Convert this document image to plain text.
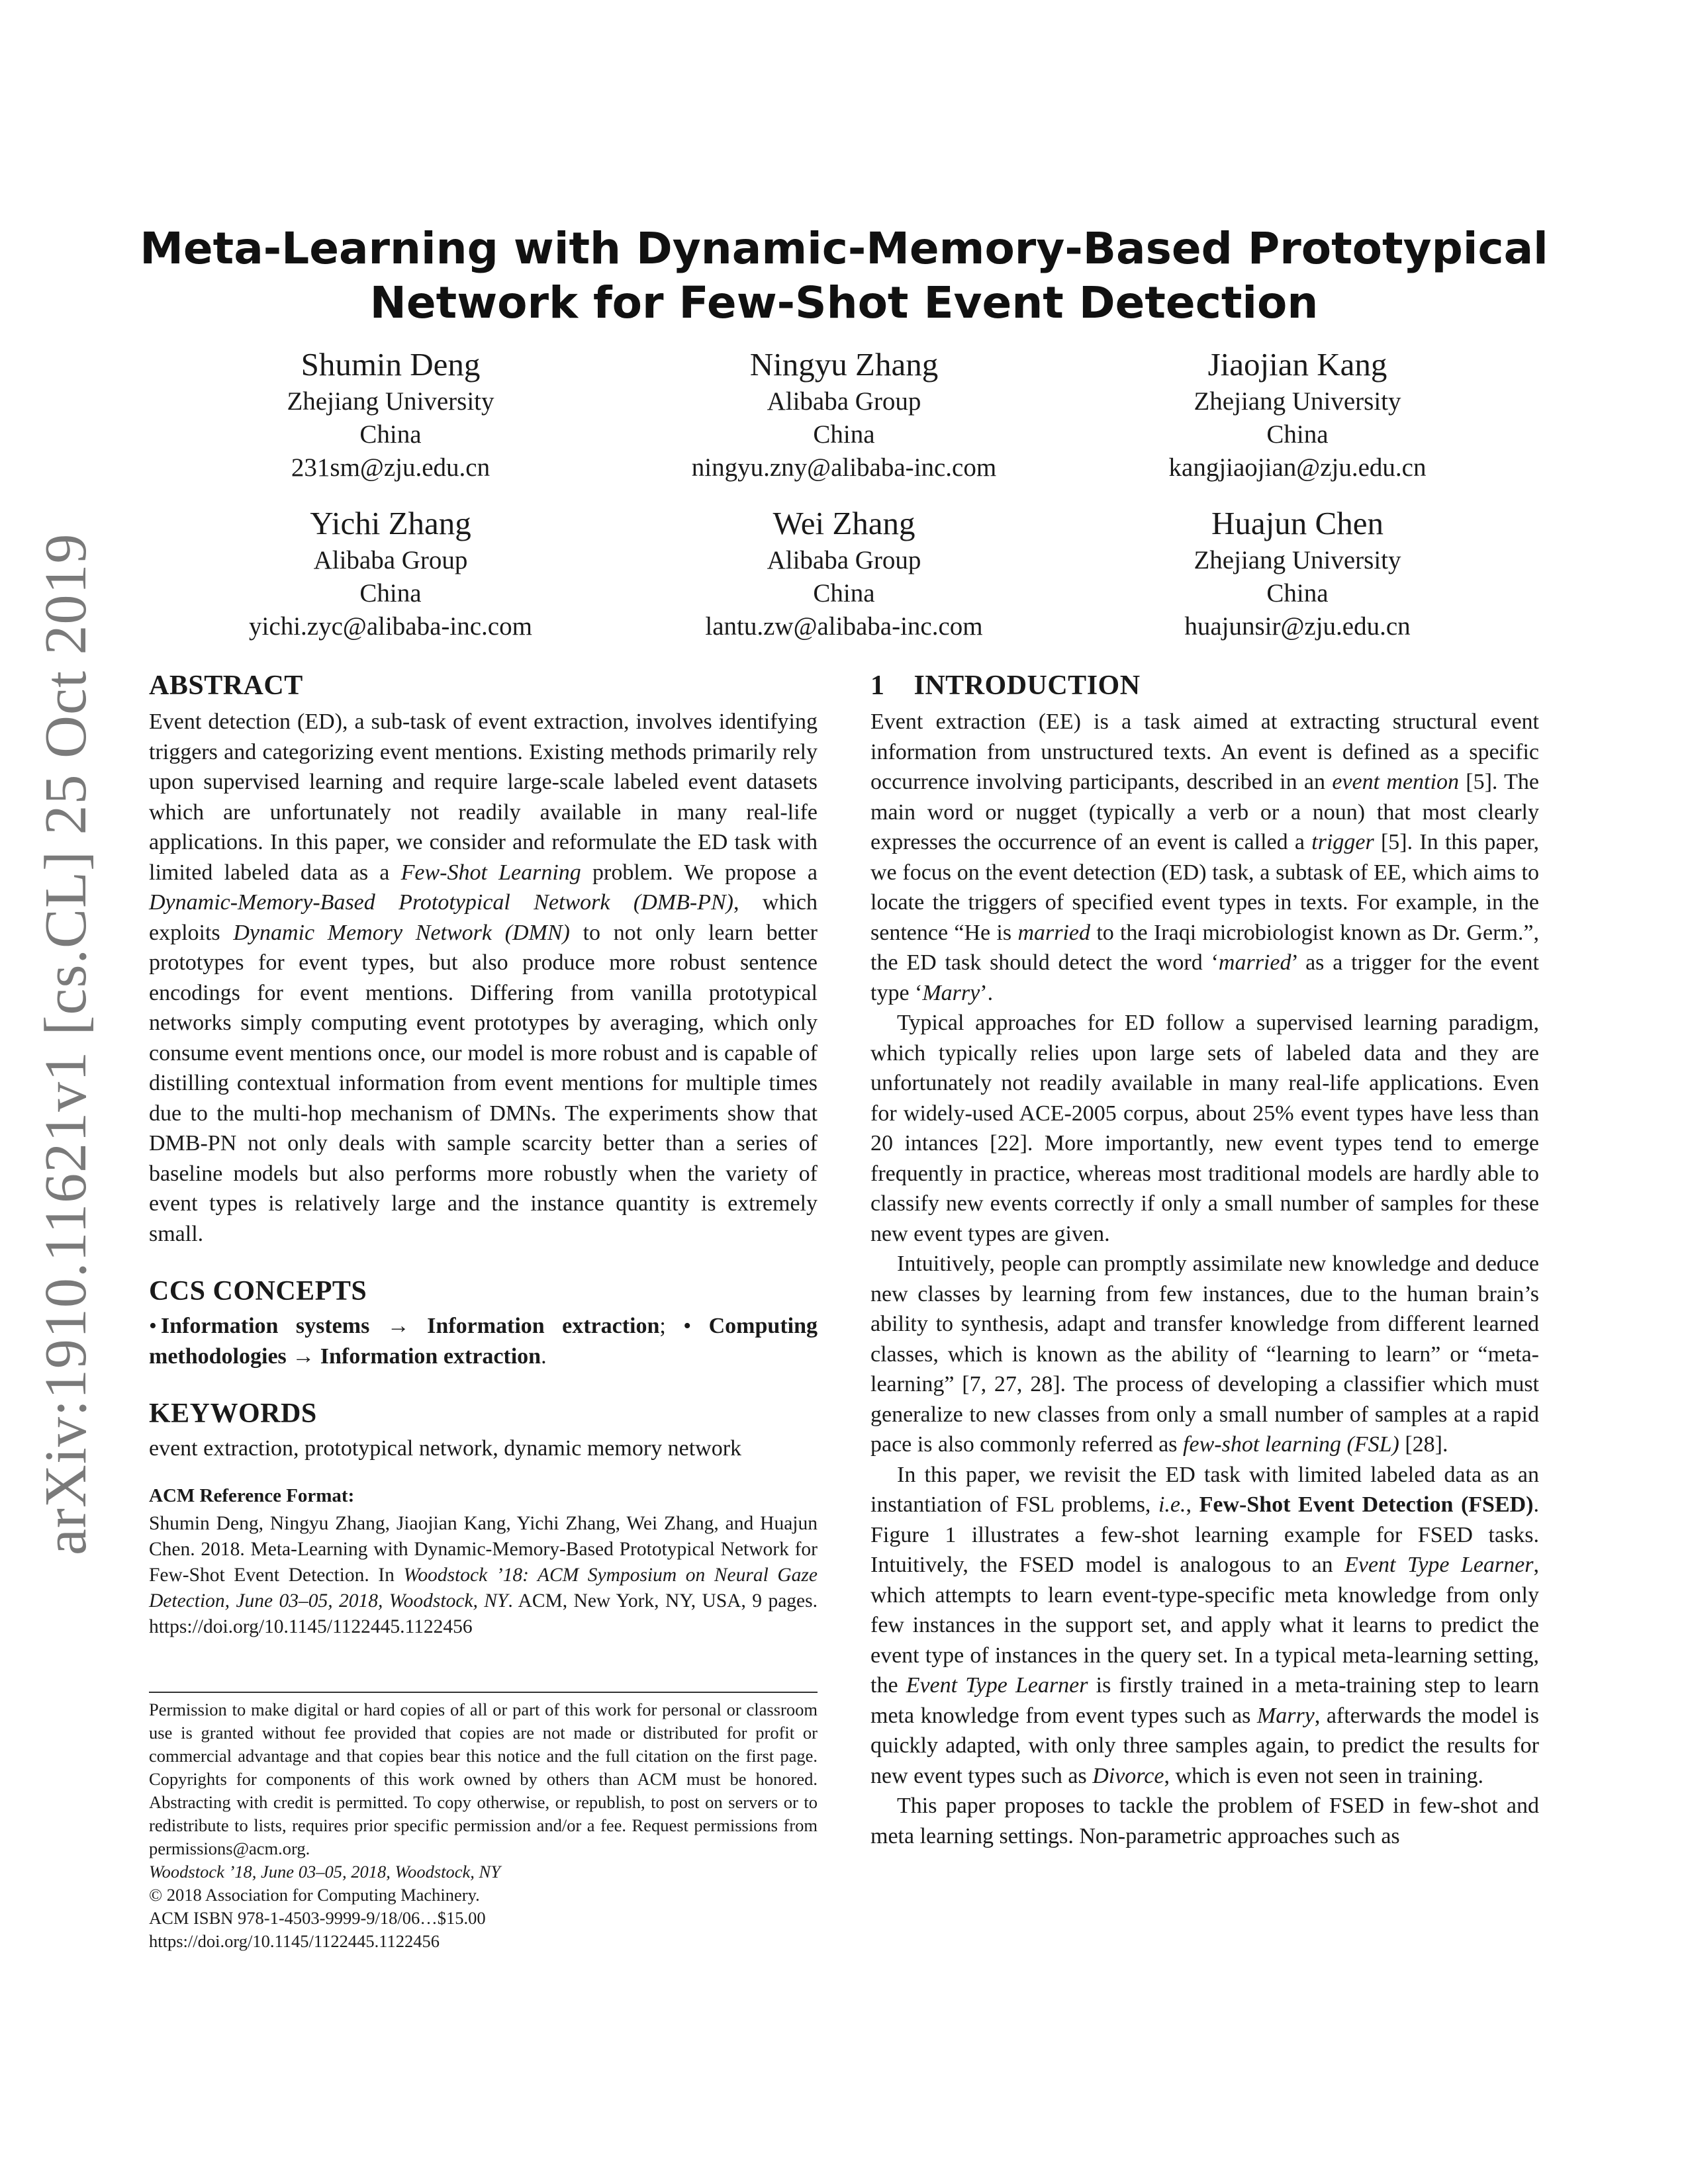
arXiv:1910.11621v1 [cs.CL] 25 Oct 2019
Meta-Learning with Dynamic-Memory-Based Prototypical
Network for Few-Shot Event Detection
Shumin Deng
Zhejiang University
China
231sm@zju.edu.cn
Ningyu Zhang
Alibaba Group
China
ningyu.zny@alibaba-inc.com
Jiaojian Kang
Zhejiang University
China
kangjiaojian@zju.edu.cn
Yichi Zhang
Alibaba Group
China
yichi.zyc@alibaba-inc.com
Wei Zhang
Alibaba Group
China
lantu.zw@alibaba-inc.com
Huajun Chen
Zhejiang University
China
huajunsir@zju.edu.cn
ABSTRACT

Event detection (ED), a sub-task of event extraction, involves identifying triggers and categorizing event mentions. Existing methods primarily rely upon supervised learning and require large-scale labeled event datasets which are unfortunately not readily available in many real-life applications. In this paper, we consider and reformulate the ED task with limited labeled data as a Few-Shot Learning problem. We propose a Dynamic-Memory-Based Prototypical Network (DMB-PN), which exploits Dynamic Memory Network (DMN) to not only learn better prototypes for event types, but also produce more robust sentence encodings for event mentions. Differing from vanilla prototypical networks simply computing event prototypes by averaging, which only consume event mentions once, our model is more robust and is capable of distilling contextual information from event mentions for multiple times due to the multi-hop mechanism of DMNs. The experiments show that DMB-PN not only deals with sample scarcity better than a series of baseline models but also performs more robustly when the variety of event types is relatively large and the instance quantity is extremely small.

CCS CONCEPTS

• Information systems → Information extraction; • Computing methodologies → Information extraction.

KEYWORDS

event extraction, prototypical network, dynamic memory network

ACM Reference Format:

Shumin Deng, Ningyu Zhang, Jiaojian Kang, Yichi Zhang, Wei Zhang, and Huajun Chen. 2018. Meta-Learning with Dynamic-Memory-Based Prototypical Network for Few-Shot Event Detection. In Woodstock ’18: ACM Symposium on Neural Gaze Detection, June 03–05, 2018, Woodstock, NY. ACM, New York, NY, USA, 9 pages. https://doi.org/10.1145/1122445.1122456

Permission to make digital or hard copies of all or part of this work for personal or classroom use is granted without fee provided that copies are not made or distributed for profit or commercial advantage and that copies bear this notice and the full citation on the first page. Copyrights for components of this work owned by others than ACM must be honored. Abstracting with credit is permitted. To copy otherwise, or republish, to post on servers or to redistribute to lists, requires prior specific permission and/or a fee. Request permissions from permissions@acm.org.

Woodstock ’18, June 03–05, 2018, Woodstock, NY

© 2018 Association for Computing Machinery.

ACM ISBN 978-1-4503-9999-9/18/06…$15.00

https://doi.org/10.1145/1122445.1122456

1    INTRODUCTION

Event extraction (EE) is a task aimed at extracting structural event information from unstructured texts. An event is defined as a specific occurrence involving participants, described in an event mention [5]. The main word or nugget (typically a verb or a noun) that most clearly expresses the occurrence of an event is called a trigger [5]. In this paper, we focus on the event detection (ED) task, a subtask of EE, which aims to locate the triggers of specified event types in texts. For example, in the sentence “He is married to the Iraqi microbiologist known as Dr. Germ.”, the ED task should detect the word ‘married’ as a trigger for the event type ‘Marry’.

Typical approaches for ED follow a supervised learning paradigm, which typically relies upon large sets of labeled data and they are unfortunately not readily available in many real-life applications. Even for widely-used ACE-2005 corpus, about 25% event types have less than 20 intances [22]. More importantly, new event types tend to emerge frequently in practice, whereas most traditional models are hardly able to classify new events correctly if only a small number of samples for these new event types are given.

Intuitively, people can promptly assimilate new knowledge and deduce new classes by learning from few instances, due to the human brain’s ability to synthesis, adapt and transfer knowledge from different learned classes, which is known as the ability of “learning to learn” or “meta-learning” [7, 27, 28]. The process of developing a classifier which must generalize to new classes from only a small number of samples at a rapid pace is also commonly referred as few-shot learning (FSL) [28].

In this paper, we revisit the ED task with limited labeled data as an instantiation of FSL problems, i.e., Few-Shot Event Detection (FSED). Figure 1 illustrates a few-shot learning example for FSED tasks. Intuitively, the FSED model is analogous to an Event Type Learner, which attempts to learn event-type-specific meta knowledge from only few instances in the support set, and apply what it learns to predict the event type of instances in the query set. In a typical meta-learning setting, the Event Type Learner is firstly trained in a meta-training step to learn meta knowledge from event types such as Marry, afterwards the model is quickly adapted, with only three samples again, to predict the results for new event types such as Divorce, which is even not seen in training.

This paper proposes to tackle the problem of FSED in few-shot and meta learning settings. Non-parametric approaches such as
